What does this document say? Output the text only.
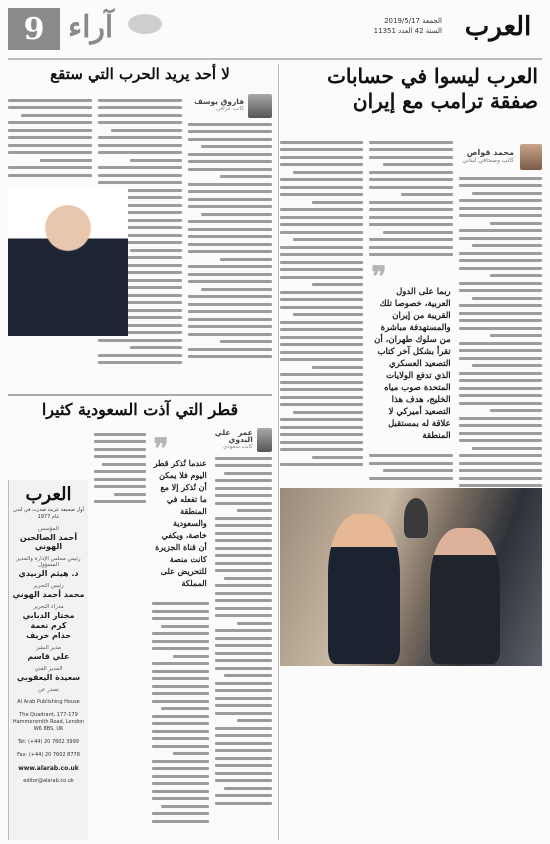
العرب
الجمعة 2019/5/17
السنة 42 العدد 11351
آراء
9
العرب ليسوا في حسابات صفقة ترامب مع إيران
محمد قواص
كاتب وصحافي لبناني
❞	ربما على الدول العربية، خصوصا تلك القريبة من إيران والمستهدفة مباشرة من سلوك طهران، أن تقرأ بشكل آخر كتاب التصعيد العسكري الذي تدفع الولايات المتحدة صوب مياه الخليج، هدف هذا التصعيد أميركي لا علاقة له بمستقبل المنطقة
لا أحد يريد الحرب التي ستقع
فاروق يوسف
كاتب عراقي
قطر التي آذت السعودية كثيرا
عمر علي البدوي
كاتب سعودي
❞
عندما تُذكر قطر اليوم فلا يمكن أن تُذكر إلا مع ما تفعله في المنطقة والسعودية خاصة، ويكفي أن قناة الجزيرة كانت منصة للتحريض على المملكة
العرب
أول صحيفة عربية صدرت في لندن عام 1977
المؤسس
أحمد الصالحين الهوني
رئيس مجلس الإدارة والمدير المسؤول
د. هيثم الزبيدي
رئيس التحرير
محمد أحمد الهوني
مدراء التحرير
مختار الدبابي
كرم نعمة
حذام خريف
مدير النشر
علي قاسم
المدير الفني
سعيدة اليعقوبي
تصدر عن
Al Arab Publishing House
The Quadrant, 177-179 Hammersmith Road, London W6 8BS, UK
Tel: (+44) 20 7602 3999
Fax: (+44) 20 7602 8778
www.alarab.co.uk
editor@alarab.co.uk
